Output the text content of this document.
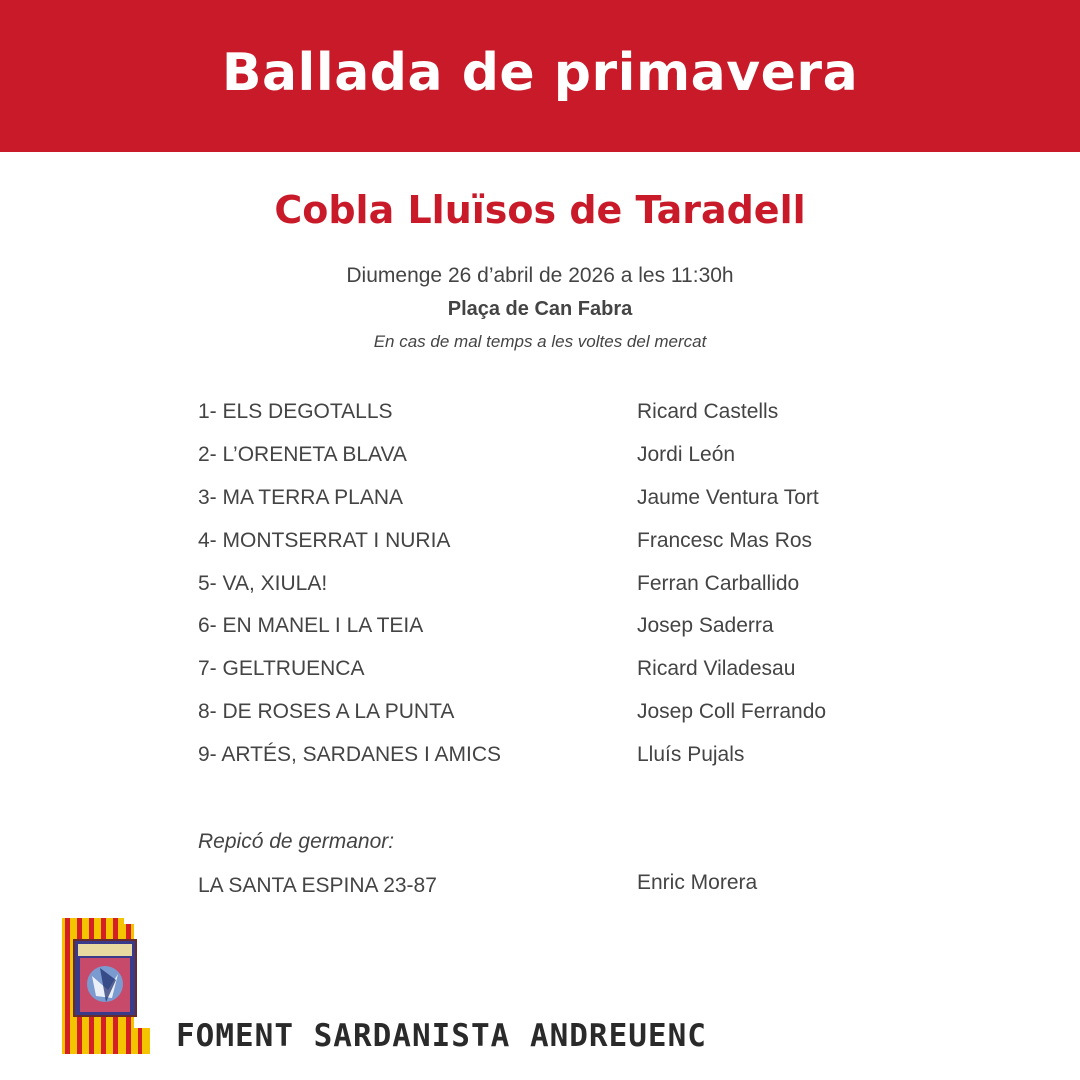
Ballada de primavera
Cobla Lluïsos de Taradell
Diumenge 26 d’abril de 2026 a les 11:30h
Plaça de Can Fabra
En cas de mal temps a les voltes del mercat
1- ELS DEGOTALLS	Ricard Castells
2- L’ORENETA BLAVA	Jordi León
3- MA TERRA PLANA	Jaume Ventura Tort
4- MONTSERRAT I NURIA	Francesc Mas Ros
5- VA, XIULA!	Ferran Carballido
6- EN MANEL I LA TEIA	Josep Saderra
7- GELTRUENCA	Ricard Viladesau
8- DE ROSES A LA PUNTA	Josep Coll Ferrando
9- ARTÉS, SARDANES I AMICS	Lluís Pujals
Repicó de germanor:
LA SANTA ESPINA 23-87	Enric Morera
FOMENT SARDANISTA ANDREUENC
